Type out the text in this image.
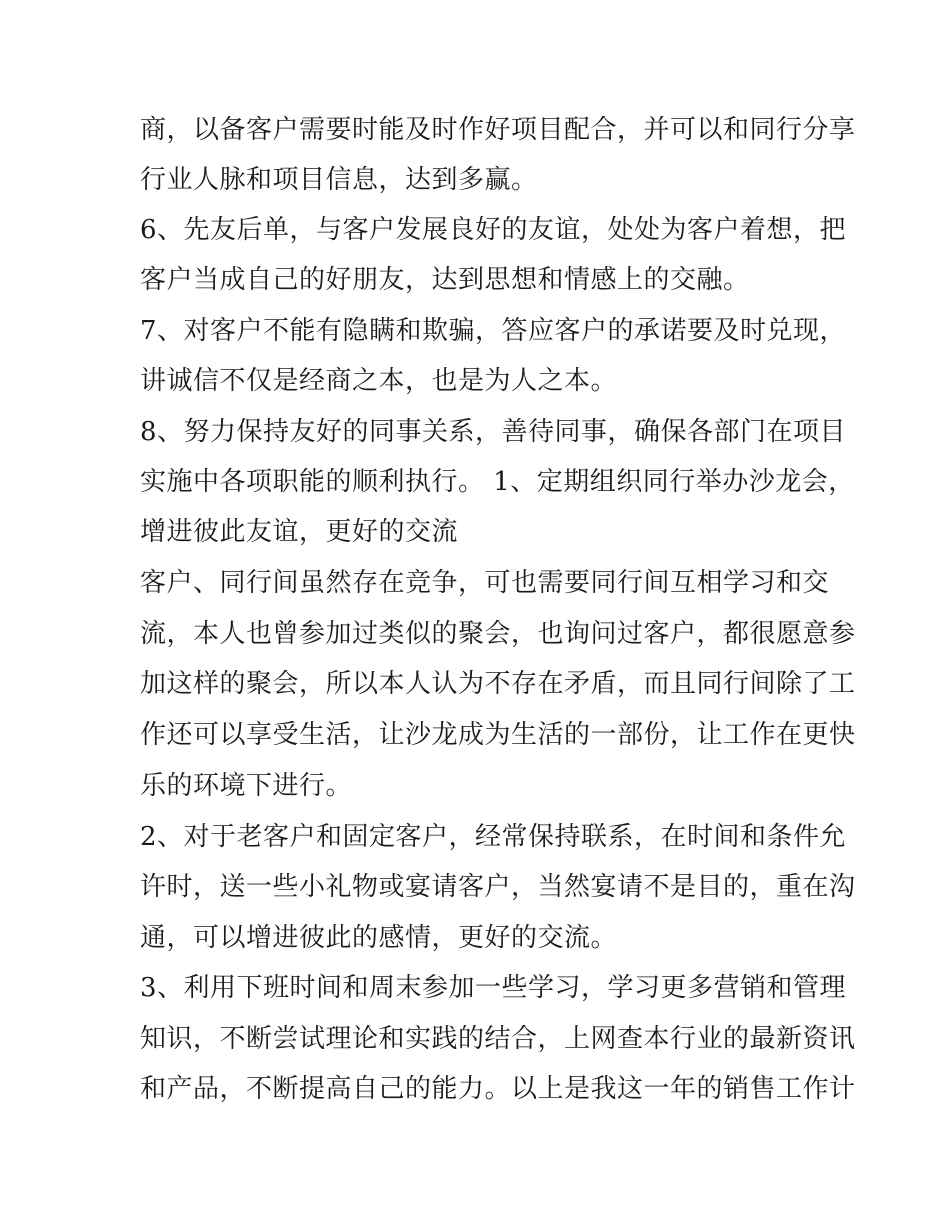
商，以备客户需要时能及时作好项目配合，并可以和同行分享
行业人脉和项目信息，达到多赢。
6、先友后单，与客户发展良好的友谊，处处为客户着想，把
客户当成自己的好朋友，达到思想和情感上的交融。
7、对客户不能有隐瞒和欺骗，答应客户的承诺要及时兑现，
讲诚信不仅是经商之本，也是为人之本。
8、努力保持友好的同事关系，善待同事，确保各部门在项目
实施中各项职能的顺利执行。 1、定期组织同行举办沙龙会，
增进彼此友谊，更好的交流
客户、同行间虽然存在竞争，可也需要同行间互相学习和交
流，本人也曾参加过类似的聚会，也询问过客户，都很愿意参
加这样的聚会，所以本人认为不存在矛盾，而且同行间除了工
作还可以享受生活，让沙龙成为生活的一部份，让工作在更快
乐的环境下进行。
2、对于老客户和固定客户，经常保持联系，在时间和条件允
许时，送一些小礼物或宴请客户，当然宴请不是目的，重在沟
通，可以增进彼此的感情，更好的交流。
3、利用下班时间和周末参加一些学习，学习更多营销和管理
知识，不断尝试理论和实践的结合，上网查本行业的最新资讯
和产品，不断提高自己的能力。以上是我这一年的销售工作计
